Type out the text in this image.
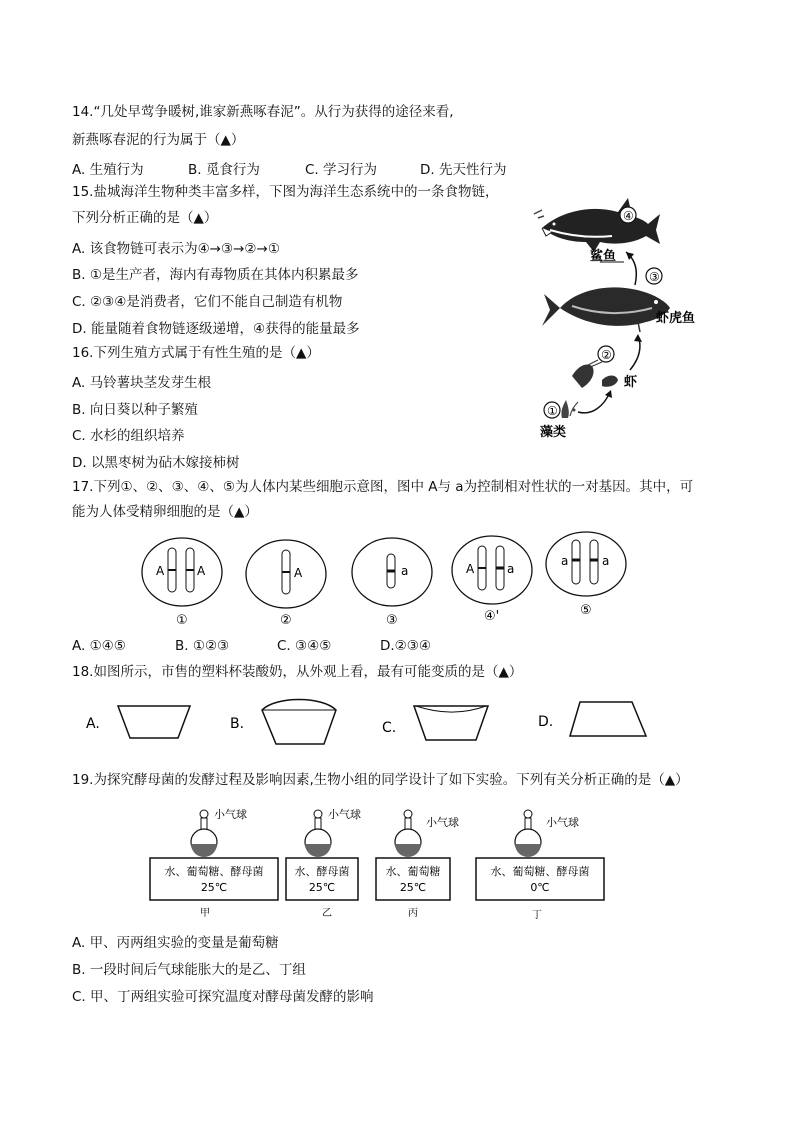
14.“几处早莺争暖树,谁家新燕啄春泥”。从行为获得的途径来看,
新燕啄春泥的行为属于（▲）
A. 生殖行为	B. 觅食行为	C. 学习行为	D. 先天性行为
15.盐城海洋生物种类丰富多样，下图为海洋生态系统中的一条食物链，
下列分析正确的是（▲）
A. 该食物链可表示为④→③→②→①
B. ①是生产者，海内有毒物质在其体内积累最多
C. ②③④是消费者，它们不能自己制造有机物
D. 能量随着食物链逐级递增，④获得的能量最多
④
鲨鱼
③
虾虎鱼
②
虾
①
藻类
16.下列生殖方式属于有性生殖的是（▲）
A. 马铃薯块茎发芽生根
B. 向日葵以种子繁殖
C. 水杉的组织培养
D. 以黑枣树为砧木嫁接柿树
17.下列①、②、③、④、⑤为人体内某些细胞示意图，图中 A与 a为控制相对性状的一对基因。其中，可
能为人体受精卵细胞的是（▲）
A	A
①
A
②
a
③
A	a
④'
a	a
⑤
A. ①④⑤	B. ①②③	C. ③④⑤	D.②③④
18.如图所示，市售的塑料杯装酸奶，从外观上看，最有可能变质的是（▲）
A.	B.	C.	D.
19.为探究酵母菌的发酵过程及影响因素,生物小组的同学设计了如下实验。下列有关分析正确的是（▲）
小气球
水、葡萄糖、酵母菌
25℃
甲
小气球
水、酵母菌
25℃
乙
小气球
水、葡萄糖
25℃
丙
小气球
水、葡萄糖、酵母菌
0℃
丁
A. 甲、丙两组实验的变量是葡萄糖
B. 一段时间后气球能胀大的是乙、丁组
C. 甲、丁两组实验可探究温度对酵母菌发酵的影响
